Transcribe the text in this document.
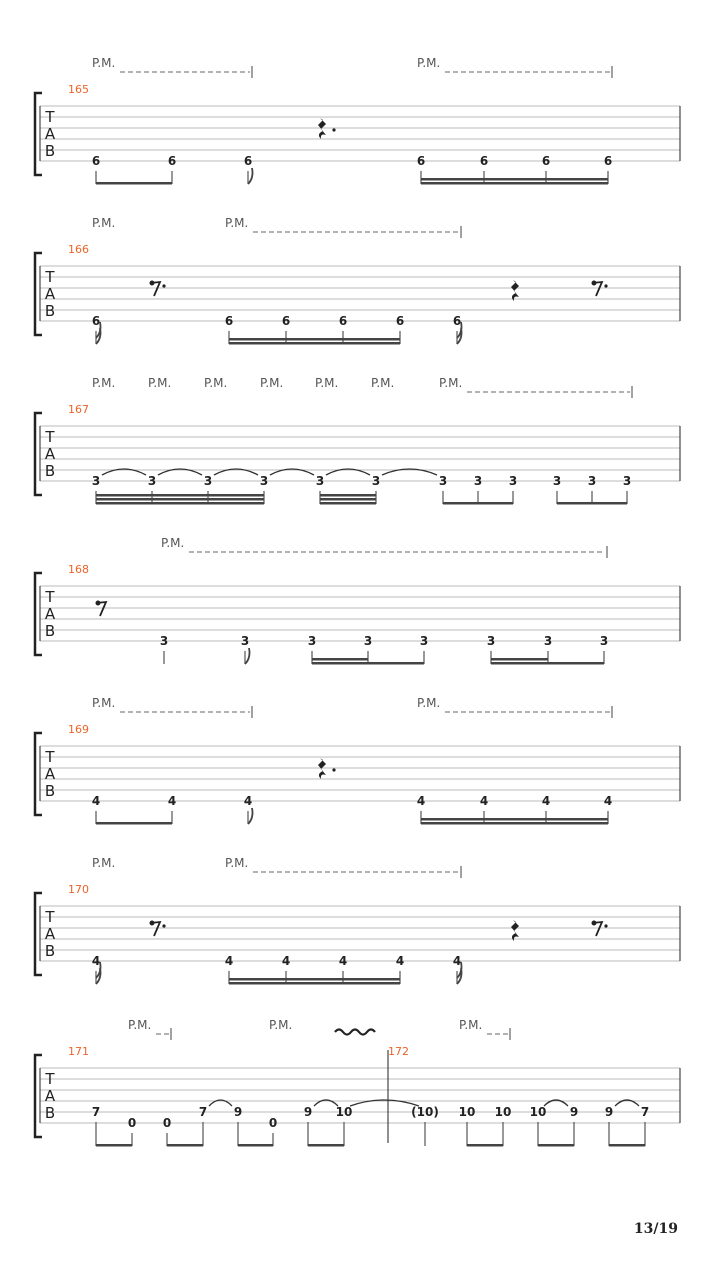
T
A
B
165
P.M.	P.M.
6	6	6	6	6	6	6
T
A
B
166
P.M.	P.M.
6	6	6	6	6	6
T
A
B
167
P.M.	P.M.	P.M.	P.M.	P.M.	P.M.	P.M.
3	3	3	3	3	3	3 3 3	3 3 3
T
A
B
168
P.M.
3	3	3	3	3	3	3	3
T
A
B
169
P.M.	P.M.
4	4	4	4	4	4	4
T
A
B
170
P.M.	P.M.
4	4	4	4	4	4
T
A
B
171	172
P.M.	P.M.	P.M.
7
0 0
7 9
0
9 10	(10) 10 10 10 9 9 7
13/19
